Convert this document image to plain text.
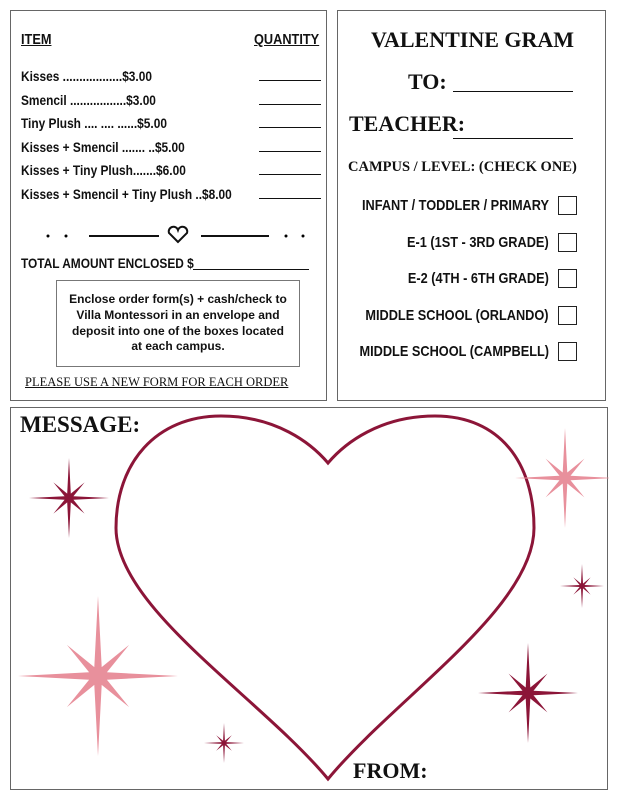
ITEM	QUANTITY
Kisses ..................$3.00
Smencil .................$3.00
Tiny Plush .... .... ......$5.00
Kisses + Smencil ....... ..$5.00
Kisses + Tiny Plush.......$6.00
Kisses + Smencil + Tiny Plush ..$8.00
TOTAL AMOUNT ENCLOSED $
Enclose order form(s) + cash/check to Villa Montessori in an envelope and deposit into one of the boxes located at each campus.
PLEASE USE A NEW FORM FOR EACH ORDER
VALENTINE GRAM
TO:
TEACHER:
CAMPUS / LEVEL: (CHECK ONE)
INFANT / TODDLER / PRIMARY
E-1 (1ST - 3RD GRADE)
E-2 (4TH - 6TH GRADE)
MIDDLE SCHOOL (ORLANDO)
MIDDLE SCHOOL (CAMPBELL)
MESSAGE:
FROM:
